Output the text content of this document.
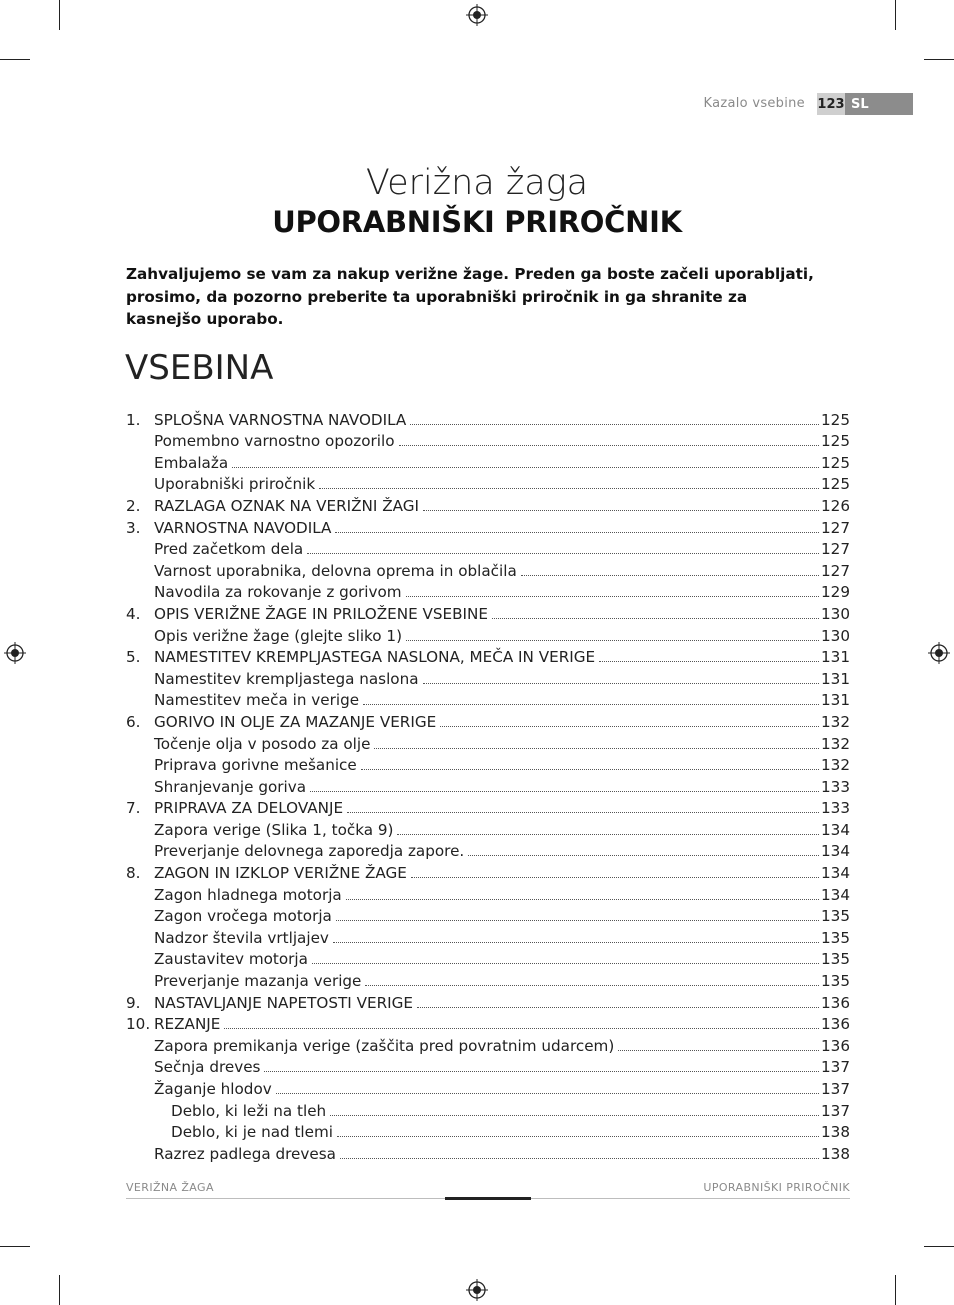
Kazalo vsebine 123 SL
Verižna žaga
UPORABNIŠKI PRIROČNIK
Zahvaljujemo se vam za nakup verižne žage. Preden ga boste začeli uporabljati, prosimo, da pozorno preberite ta uporabniški priročnik in ga shranite za kasnejšo uporabo.
VSEBINA
1. SPLOŠNA VARNOSTNA NAVODILA	125
Pomembno varnostno opozorilo	125
Embalaža	125
Uporabniški priročnik	125
2. RAZLAGA OZNAK NA VERIŽNI ŽAGI	126
3. VARNOSTNA NAVODILA	127
Pred začetkom dela	127
Varnost uporabnika, delovna oprema in oblačila	127
Navodila za rokovanje z gorivom	129
4. OPIS VERIŽNE ŽAGE IN PRILOŽENE VSEBINE	130
Opis verižne žage (glejte sliko 1)	130
5. NAMESTITEV KREMPLJASTEGA NASLONA, MEČA IN VERIGE	131
Namestitev krempljastega naslona	131
Namestitev meča in verige	131
6. GORIVO IN OLJE ZA MAZANJE VERIGE	132
Točenje olja v posodo za olje	132
Priprava gorivne mešanice	132
Shranjevanje goriva	133
7. PRIPRAVA ZA DELOVANJE	133
Zapora verige (Slika 1, točka 9)	134
Preverjanje delovnega zaporedja zapore.	134
8. ZAGON IN IZKLOP VERIŽNE ŽAGE	134
Zagon hladnega motorja	134
Zagon vročega motorja	135
Nadzor števila vrtljajev	135
Zaustavitev motorja	135
Preverjanje mazanja verige	135
9. NASTAVLJANJE NAPETOSTI VERIGE	136
10. REZANJE	136
Zapora premikanja verige (zaščita pred povratnim udarcem)	136
Sečnja dreves	137
Žaganje hlodov	137
Deblo, ki leži na tleh	137
Deblo, ki je nad tlemi	138
Razrez padlega drevesa	138
VERIŽNA ŽAGA	UPORABNIŠKI PRIROČNIK
